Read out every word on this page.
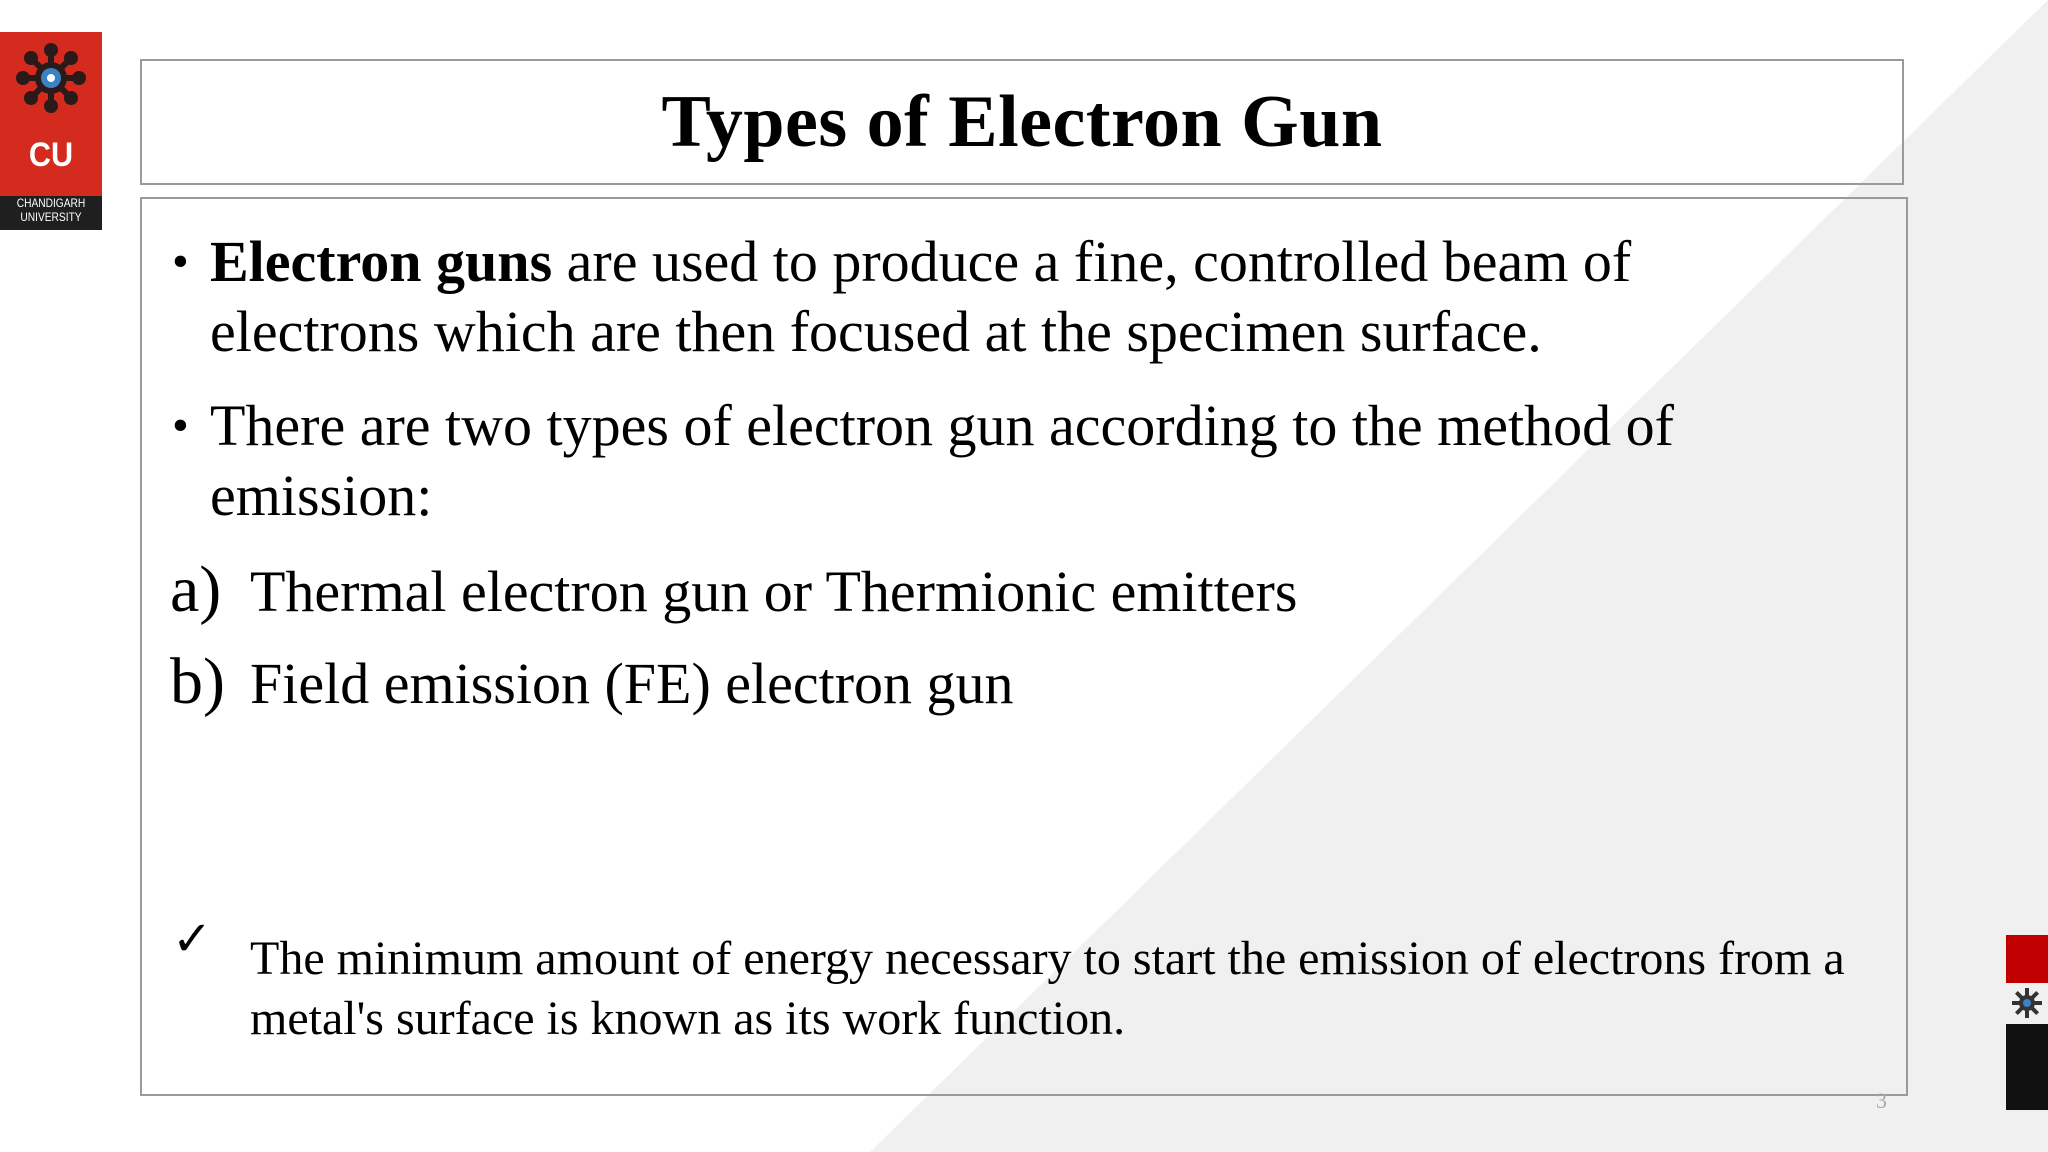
CU
CHANDIGARH
UNIVERSITY
Types of Electron Gun
• Electron guns are used to produce a fine, controlled beam of electrons which are then focused at the specimen surface.
• There are two types of electron gun according to the method of emission:
a) Thermal electron gun or Thermionic emitters
b) Field emission (FE) electron gun
✓ The minimum amount of energy necessary to start the emission of electrons from a metal's surface is known as its work function.
3
